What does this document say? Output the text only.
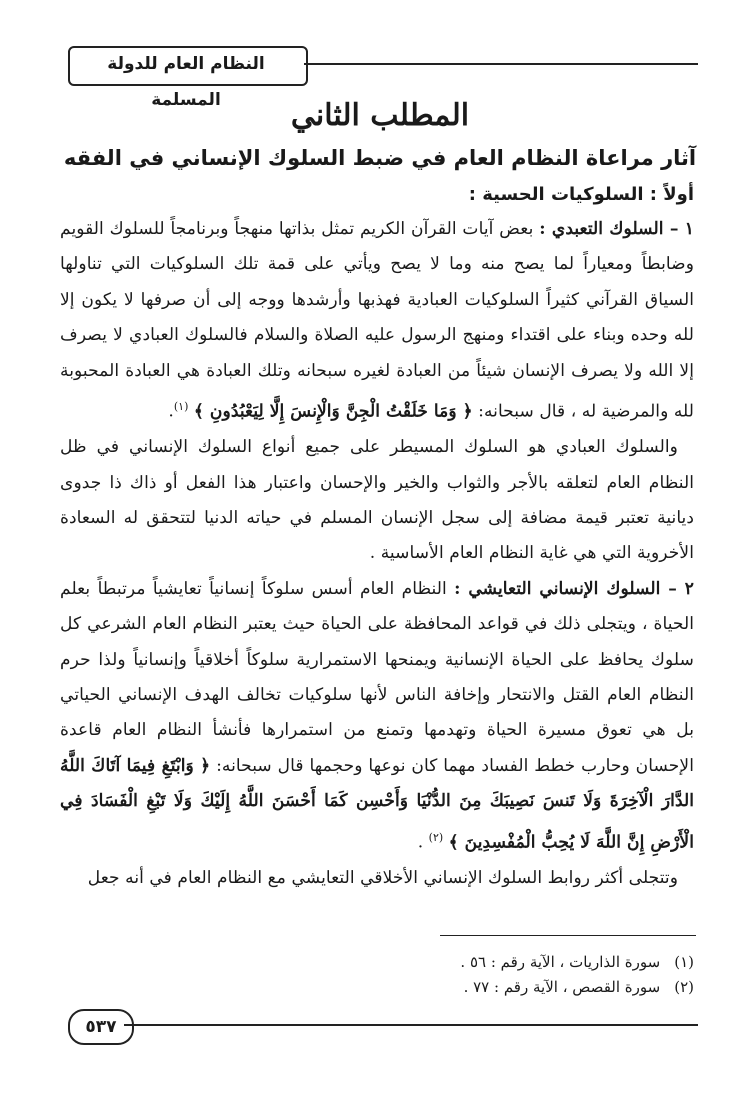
النظام العام للدولة المسلمة	المطلب الثاني
آثار مراعاة النظام العام في ضبط السلوك الإنساني في الفقه
أولاً : السلوكيات الحسية :

١ – السلوك التعبدي : بعض آيات القرآن الكريم تمثل بذاتها منهجاً وبرنامجاً للسلوك القويم وضابطاً ومعياراً لما يصح منه وما لا يصح ويأتي على قمة تلك السلوكيات التي تناولها السياق القرآني كثيراً السلوكيات العبادية فهذبها وأرشدها ووجه إلى أن صرفها لا يكون إلا لله وحده وبناء على اقتداء ومنهج الرسول عليه الصلاة والسلام فالسلوك العبادي لا يصرف إلا الله ولا يصرف الإنسان شيئاً من العبادة لغيره سبحانه وتلك العبادة هي العبادة المحبوبة لله والمرضية له ، قال سبحانه: ﴿ وَمَا خَلَقْتُ الْجِنَّ وَالْإِنسَ إِلَّا لِيَعْبُدُونِ ﴾ $^{(١)}$.

والسلوك العبادي هو السلوك المسيطر على جميع أنواع السلوك الإنساني في ظل النظام العام لتعلقه بالأجر والثواب والخير والإحسان واعتبار هذا الفعل أو ذاك ذا جدوى ديانية تعتبر قيمة مضافة إلى سجل الإنسان المسلم في حياته الدنيا لتتحقق له السعادة الأخروية التي هي غاية النظام العام الأساسية .

٢ – السلوك الإنساني التعايشي : النظام العام أسس سلوكاً إنسانياً تعايشياً مرتبطاً بعلم الحياة ، ويتجلى ذلك في قواعد المحافظة على الحياة حيث يعتبر النظام العام الشرعي كل سلوك يحافظ على الحياة الإنسانية ويمنحها الاستمرارية سلوكاً أخلاقياً وإنسانياً ولذا حرم النظام العام القتل والانتحار وإخافة الناس لأنها سلوكيات تخالف الهدف الإنساني الحياتي بل هي تعوق مسيرة الحياة وتهدمها وتمنع من استمرارها فأنشأ النظام العام قاعدة الإحسان وحارب خطط الفساد مهما كان نوعها وحجمها قال سبحانه: ﴿ وَابْتَغِ فِيمَا آتَاكَ اللَّهُ الدَّارَ الْآخِرَةَ وَلَا تَنسَ نَصِيبَكَ مِنَ الدُّنْيَا وَأَحْسِن كَمَا أَحْسَنَ اللَّهُ إِلَيْكَ وَلَا تَبْغِ الْفَسَادَ فِي الْأَرْضِ إِنَّ اللَّهَ لَا يُحِبُّ الْمُفْسِدِينَ ﴾ $^{(٢)}$ .

وتتجلى أكثر روابط السلوك الإنساني الأخلاقي التعايشي مع النظام العام في أنه جعل

(١)
سورة الذاريات ، الآية رقم : ٥٦ .
(٢)
سورة القصص ، الآية رقم : ٧٧ .
٥٣٧
